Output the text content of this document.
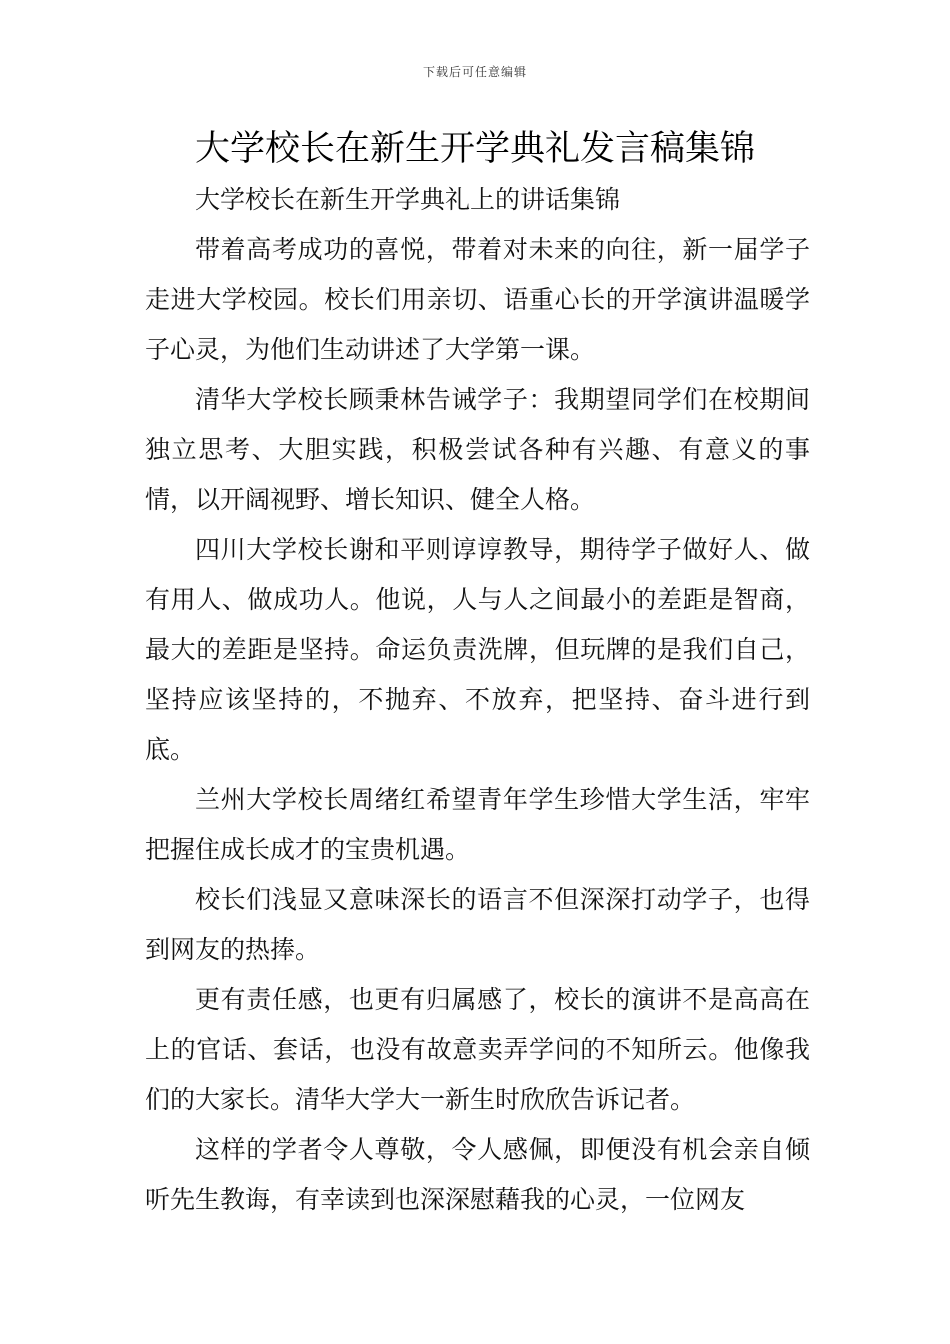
下载后可任意编辑
大学校长在新生开学典礼发言稿集锦

大学校长在新生开学典礼上的讲话集锦

带着高考成功的喜悦，带着对未来的向往，新一届学子走进大学校园。校长们用亲切、语重心长的开学演讲温暖学子心灵，为他们生动讲述了大学第一课。

清华大学校长顾秉林告诫学子：我期望同学们在校期间独立思考、大胆实践，积极尝试各种有兴趣、有意义的事情，以开阔视野、增长知识、健全人格。

四川大学校长谢和平则谆谆教导，期待学子做好人、做有用人、做成功人。他说，人与人之间最小的差距是智商，最大的差距是坚持。命运负责洗牌，但玩牌的是我们自己，坚持应该坚持的，不抛弃、不放弃，把坚持、奋斗进行到底。

兰州大学校长周绪红希望青年学生珍惜大学生活，牢牢把握住成长成才的宝贵机遇。

校长们浅显又意味深长的语言不但深深打动学子，也得到网友的热捧。

更有责任感，也更有归属感了，校长的演讲不是高高在上的官话、套话，也没有故意卖弄学问的不知所云。他像我们的大家长。清华大学大一新生时欣欣告诉记者。

这样的学者令人尊敬，令人感佩，即便没有机会亲自倾听先生教诲，有幸读到也深深慰藉我的心灵，一位网友
